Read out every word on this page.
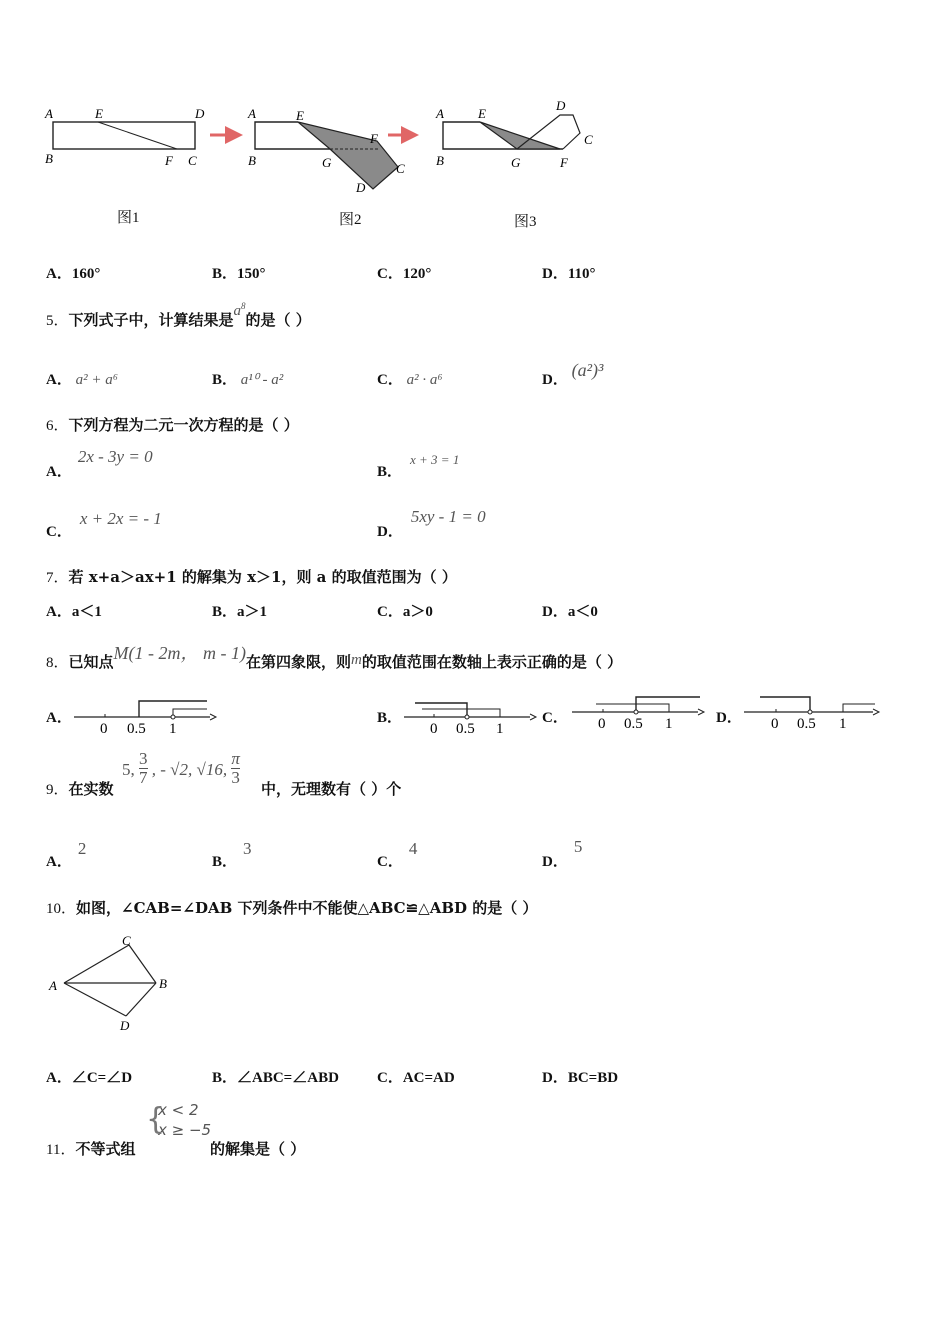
A	E	D
B	F C
A	E
F
B	G	C
D
A	E
D
C
B	G	F
图1	图2	图3
A．160°	B．150°	C．120°	D．110°
5．下列式子中，计算结果是$a^8$的是（ ）
A． a² + a⁶	B． a¹⁰ - a²	C． a² · a⁶	D． (a²)³
6．下列方程为二元一次方程的是（ ）
A．2x - 3y = 0
B．x + 3 = 1
C．x + 2x = - 1
D．5xy - 1 = 0
7．若 x+a＞ax+1 的解集为 x＞1，则 a 的取值范围为（ ）
A．a＜1	B．a＞1	C．a＞0	D．a＜0
8．已知点M(1 - 2m， m - 1)在第四象限，则m的取值范围在数轴上表示正确的是（ ）
A．
0 0.5 1
B．
0 0.5 1
C． 0 0.5 1	D． 0 0.5 1
9．在实数
5, $\frac{3}{7}$ , - √2, √16, $\frac{\pi}{3}$
中，无理数有（ ）个
A．2
B．3
C．4
D．5
10．如图，∠CAB=∠DAB 下列条件中不能使△ABC≌△ABD 的是（ ）
A	B
C
D
A．∠C=∠D	B．∠ABC=∠ABD	C．AC=AD	D．BC=BD
11．不等式组
{
x < 2
x ≥ −5
的解集是（ ）
